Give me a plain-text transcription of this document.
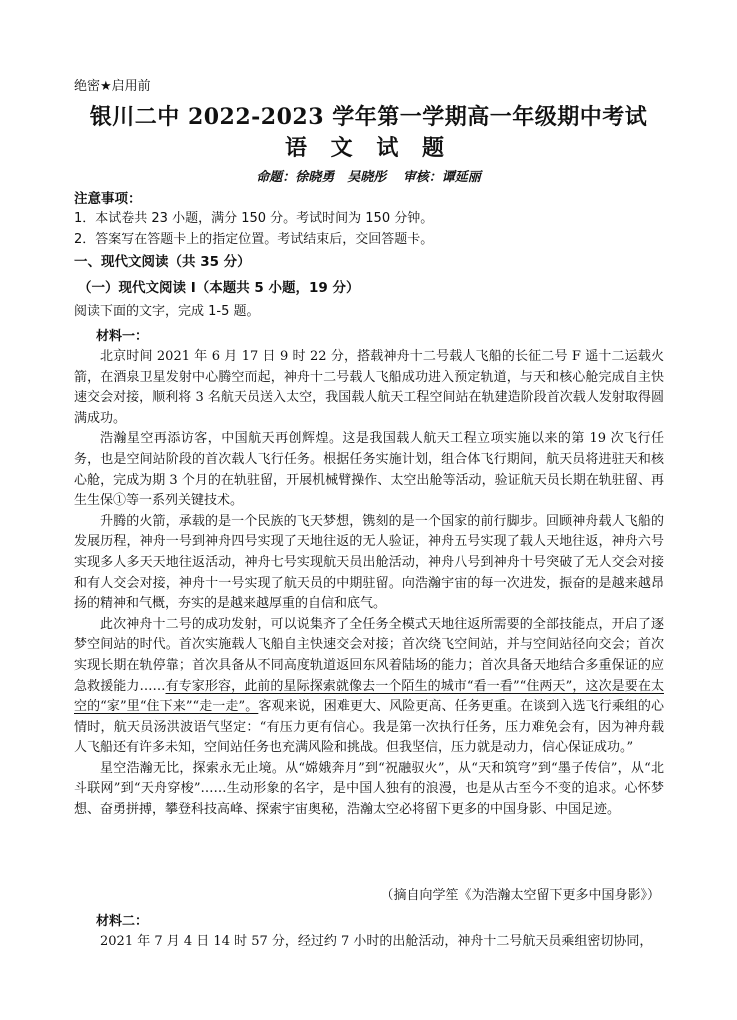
绝密★启用前
银川二中 2022-2023 学年第一学期高一年级期中考试
语 文 试 题
命题：徐晓勇　吴晓彤 审核：谭延丽
注意事项：
1．本试卷共 23 小题，满分 150 分。考试时间为 150 分钟。
2．答案写在答题卡上的指定位置。考试结束后，交回答题卡。
一、现代文阅读（共 35 分）
（一）现代文阅读 I（本题共 5 小题，19 分）
阅读下面的文字，完成 1-5 题。
材料一：

北京时间 2021 年 6 月 17 日 9 时 22 分，搭载神舟十二号载人飞船的长征二号 F 遥十二运载火箭，在酒泉卫星发射中心腾空而起，神舟十二号载人飞船成功进入预定轨道，与天和核心舱完成自主快速交会对接，顺利将 3 名航天员送入太空，我国载人航天工程空间站在轨建造阶段首次载人发射取得圆满成功。

浩瀚星空再添访客，中国航天再创辉煌。这是我国载人航天工程立项实施以来的第 19 次飞行任务，也是空间站阶段的首次载人飞行任务。根据任务实施计划，组合体飞行期间，航天员将进驻天和核心舱，完成为期 3 个月的在轨驻留，开展机械臂操作、太空出舱等活动，验证航天员长期在轨驻留、再生生保①等一系列关键技术。

升腾的火箭，承载的是一个民族的飞天梦想，镌刻的是一个国家的前行脚步。回顾神舟载人飞船的发展历程，神舟一号到神舟四号实现了天地往返的无人验证，神舟五号实现了载人天地往返，神舟六号实现多人多天天地往返活动，神舟七号实现航天员出舱活动，神舟八号到神舟十号突破了无人交会对接和有人交会对接，神舟十一号实现了航天员的中期驻留。向浩瀚宇宙的每一次进发，振奋的是越来越昂扬的精神和气概，夯实的是越来越厚重的自信和底气。

此次神舟十二号的成功发射，可以说集齐了全任务全模式天地往返所需要的全部技能点，开启了逐梦空间站的时代。首次实施载人飞船自主快速交会对接；首次绕飞空间站，并与空间站径向交会；首次实现长期在轨停靠；首次具备从不同高度轨道返回东风着陆场的能力；首次具备天地结合多重保证的应急救援能力……有专家形容，此前的星际探索就像去一个陌生的城市“看一看”“住两天”，这次是要在太空的“家”里“住下来”“走一走”。客观来说，困难更大、风险更高、任务更重。在谈到入选飞行乘组的心情时，航天员汤洪波语气坚定：“有压力更有信心。我是第一次执行任务，压力难免会有，因为神舟载人飞船还有许多未知，空间站任务也充满风险和挑战。但我坚信，压力就是动力，信心保证成功。”

星空浩瀚无比，探索永无止境。从“嫦娥奔月”到“祝融驭火”，从“天和筑穹”到“墨子传信”，从“北斗联网”到“天舟穿梭”……生动形象的名字，是中国人独有的浪漫，也是从古至今不变的追求。心怀梦想、奋勇拼搏，攀登科技高峰、探索宇宙奥秘，浩瀚太空必将留下更多的中国身影、中国足迹。

（摘自向学笙《为浩瀚太空留下更多中国身影》）
材料二：

2021 年 7 月 4 日 14 时 57 分，经过约 7 小时的出舱活动，神舟十二号航天员乘组密切协同，
